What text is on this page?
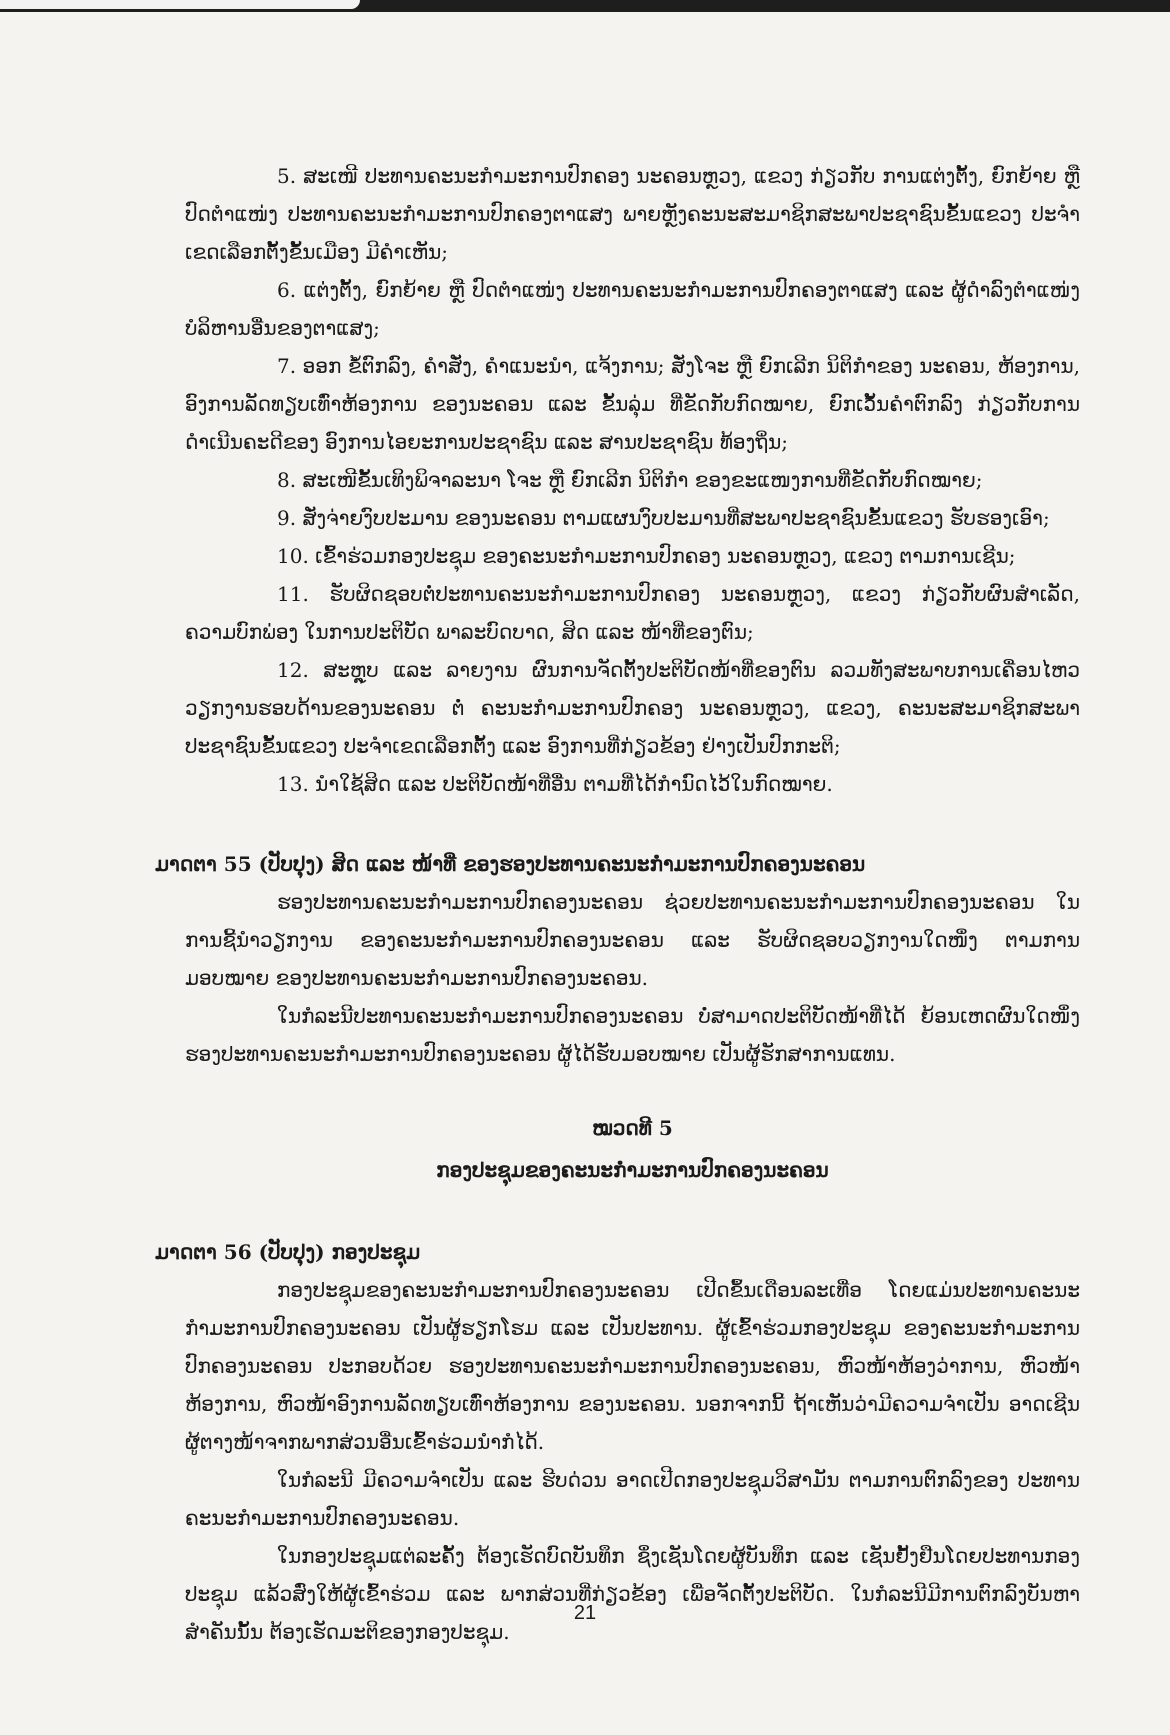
5. ສະເໜີ ປະທານຄະນະກຳມະການປົກຄອງ ນະຄອນຫຼວງ, ແຂວງ ກ່ຽວກັບ ການແຕ່ງຕັ້ງ, ຍົກຍ້າຍ ຫຼື ປົດຕຳແໜ່ງ ປະທານຄະນະກຳມະການປົກຄອງຕາແສງ ພາຍຫຼັງຄະນະສະມາຊິກສະພາປະຊາຊົນຂັ້ນແຂວງ ປະຈຳເຂດເລືອກຕັ້ງຂັ້ນເມືອງ ມີຄຳເຫັນ;

6. ແຕ່ງຕັ້ງ, ຍົກຍ້າຍ ຫຼື ປົດຕຳແໜ່ງ ປະທານຄະນະກຳມະການປົກຄອງຕາແສງ ແລະ ຜູ້ດຳລົງຕຳແໜ່ງບໍລິຫານອື່ນຂອງຕາແສງ;

7. ອອກ ຂໍ້ຕົກລົງ, ຄຳສັ່ງ, ຄຳແນະນຳ, ແຈ້ງການ; ສັ່ງໂຈະ ຫຼື ຍົກເລີກ ນິຕິກຳຂອງ ນະຄອນ, ຫ້ອງການ, ອົງການລັດທຽບເທົ່າຫ້ອງການ ຂອງນະຄອນ ແລະ ຂັ້ນລຸ່ມ ທີ່ຂັດກັບກົດໝາຍ, ຍົກເວັ້ນຄຳຕົກລົງ ກ່ຽວກັບການດຳເນີນຄະດີຂອງ ອົງການໄອຍະການປະຊາຊົນ ແລະ ສານປະຊາຊົນ ທ້ອງຖິ່ນ;

8. ສະເໜີຂັ້ນເທິງພິຈາລະນາ ໂຈະ ຫຼື ຍົກເລີກ ນິຕິກຳ ຂອງຂະແໜງການທີ່ຂັດກັບກົດໝາຍ;

9. ສັ່ງຈ່າຍງົບປະມານ ຂອງນະຄອນ ຕາມແຜນງົບປະມານທີ່ສະພາປະຊາຊົນຂັ້ນແຂວງ ຮັບຮອງເອົາ;

10. ເຂົ້າຮ່ວມກອງປະຊຸມ ຂອງຄະນະກຳມະການປົກຄອງ ນະຄອນຫຼວງ, ແຂວງ ຕາມການເຊີນ;

11. ຮັບຜິດຊອບຕໍ່ປະທານຄະນະກຳມະການປົກຄອງ ນະຄອນຫຼວງ, ແຂວງ ກ່ຽວກັບຜົນສຳເລັດ, ຄວາມບົກພ່ອງ ໃນການປະຕິບັດ ພາລະບົດບາດ, ສິດ ແລະ ໜ້າທີ່ຂອງຕົນ;

12. ສະຫຼຸບ ແລະ ລາຍງານ ຜົນການຈັດຕັ້ງປະຕິບັດໜ້າທີ່ຂອງຕົນ ລວມທັງສະພາບການເຄື່ອນໄຫວວຽກງານຮອບດ້ານຂອງນະຄອນ ຕໍ່ ຄະນະກຳມະການປົກຄອງ ນະຄອນຫຼວງ, ແຂວງ, ຄະນະສະມາຊິກສະພາປະຊາຊົນຂັ້ນແຂວງ ປະຈຳເຂດເລືອກຕັ້ງ ແລະ ອົງການທີ່ກ່ຽວຂ້ອງ ຢ່າງເປັນປົກກະຕິ;

13. ນຳໃຊ້ສິດ ແລະ ປະຕິບັດໜ້າທີ່ອື່ນ ຕາມທີ່ໄດ້ກຳນົດໄວ້ໃນກົດໝາຍ.

ມາດຕາ 55 (ປັບປຸງ) ສິດ ແລະ ໜ້າທີ່ ຂອງຮອງປະທານຄະນະກຳມະການປົກຄອງນະຄອນ

ຮອງປະທານຄະນະກຳມະການປົກຄອງນະຄອນ ຊ່ວຍປະທານຄະນະກຳມະການປົກຄອງນະຄອນ ໃນການຊີ້ນຳວຽກງານ ຂອງຄະນະກຳມະການປົກຄອງນະຄອນ ແລະ ຮັບຜິດຊອບວຽກງານໃດໜຶ່ງ ຕາມການມອບໝາຍ ຂອງປະທານຄະນະກຳມະການປົກຄອງນະຄອນ.

ໃນກໍລະນີປະທານຄະນະກຳມະການປົກຄອງນະຄອນ ບໍ່ສາມາດປະຕິບັດໜ້າທີ່ໄດ້ ຍ້ອນເຫດຜົນໃດໜຶ່ງ ຮອງປະທານຄະນະກຳມະການປົກຄອງນະຄອນ ຜູ້ໄດ້ຮັບມອບໝາຍ ເປັນຜູ້ຮັກສາການແທນ.

ໝວດທີ 5

ກອງປະຊຸມຂອງຄະນະກຳມະການປົກຄອງນະຄອນ

ມາດຕາ 56 (ປັບປຸງ) ກອງປະຊຸມ

ກອງປະຊຸມຂອງຄະນະກຳມະການປົກຄອງນະຄອນ ເປີດຂຶ້ນເດືອນລະເທື່ອ ໂດຍແມ່ນປະທານຄະນະກຳມະການປົກຄອງນະຄອນ ເປັນຜູ້ຮຽກໂຮມ ແລະ ເປັນປະທານ. ຜູ້ເຂົ້າຮ່ວມກອງປະຊຸມ ຂອງຄະນະກຳມະການປົກຄອງນະຄອນ ປະກອບດ້ວຍ ຮອງປະທານຄະນະກຳມະການປົກຄອງນະຄອນ, ຫົວໜ້າຫ້ອງວ່າການ, ຫົວໜ້າຫ້ອງການ, ຫົວໜ້າອົງການລັດທຽບເທົ່າຫ້ອງການ ຂອງນະຄອນ. ນອກຈາກນີ້ ຖ້າເຫັນວ່າມີຄວາມຈຳເປັນ ອາດເຊີນຜູ້ຕາງໜ້າຈາກພາກສ່ວນອື່ນເຂົ້າຮ່ວມນຳກໍໄດ້.

ໃນກໍລະນີ ມີຄວາມຈຳເປັນ ແລະ ຮີບດ່ວນ ອາດເປີດກອງປະຊຸມວິສາມັນ ຕາມການຕົກລົງຂອງ ປະທານຄະນະກຳມະການປົກຄອງນະຄອນ.

ໃນກອງປະຊຸມແຕ່ລະຄັ້ງ ຕ້ອງເຮັດບົດບັນທຶກ ຊຶ່ງເຊັນໂດຍຜູ້ບັນທຶກ ແລະ ເຊັນຢັ້ງຢືນໂດຍປະທານກອງປະຊຸມ ແລ້ວສົ່ງໃຫ້ຜູ້ເຂົ້າຮ່ວມ ແລະ ພາກສ່ວນທີ່ກ່ຽວຂ້ອງ ເພື່ອຈັດຕັ້ງປະຕິບັດ. ໃນກໍລະນີມີການຕົກລົງບັນຫາສຳຄັນນັ້ນ ຕ້ອງເຮັດມະຕິຂອງກອງປະຊຸມ.

21
